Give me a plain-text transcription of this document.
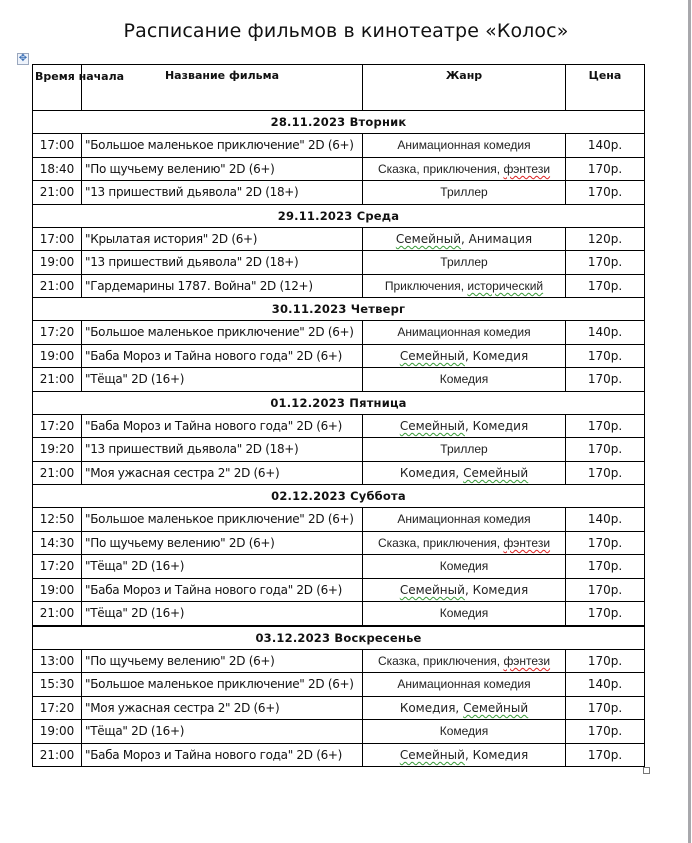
Расписание фильмов в кинотеатре «Колос»
✥
Время начала	Название фильма	Жанр	Цена
28.11.2023 Вторник			
17:00	"Большое маленькое приключение" 2D (6+)	Анимационная комедия	140р.
18:40	"По щучьему велению" 2D (6+)	Сказка, приключения, фэнтези	170р.
21:00	"13 пришествий дьявола" 2D (18+)	Триллер	170р.
29.11.2023 Среда			
17:00	"Крылатая история" 2D (6+)	Семейный, Анимация	120р.
19:00	"13 пришествий дьявола" 2D (18+)	Триллер	170р.
21:00	"Гардемарины 1787. Война" 2D (12+)	Приключения, исторический	170р.
30.11.2023 Четверг			
17:20	"Большое маленькое приключение" 2D (6+)	Анимационная комедия	140р.
19:00	"Баба Мороз и Тайна нового года" 2D (6+)	Семейный, Комедия	170р.
21:00	"Тёща" 2D (16+)	Комедия	170р.
01.12.2023 Пятница			
17:20	"Баба Мороз и Тайна нового года" 2D (6+)	Семейный, Комедия	170р.
19:20	"13 пришествий дьявола" 2D (18+)	Триллер	170р.
21:00	"Моя ужасная сестра 2" 2D (6+)	Комедия, Семейный	170р.
02.12.2023 Суббота			
12:50	"Большое маленькое приключение" 2D (6+)	Анимационная комедия	140р.
14:30	"По щучьему велению" 2D (6+)	Сказка, приключения, фэнтези	170р.
17:20	"Тёща" 2D (16+)	Комедия	170р.
19:00	"Баба Мороз и Тайна нового года" 2D (6+)	Семейный, Комедия	170р.
21:00	"Тёща" 2D (16+)	Комедия	170р.
03.12.2023 Воскресенье			
13:00	"По щучьему велению" 2D (6+)	Сказка, приключения, фэнтези	170р.
15:30	"Большое маленькое приключение" 2D (6+)	Анимационная комедия	140р.
17:20	"Моя ужасная сестра 2" 2D (6+)	Комедия, Семейный	170р.
19:00	"Тёща" 2D (16+)	Комедия	170р.
21:00	"Баба Мороз и Тайна нового года" 2D (6+)	Семейный, Комедия	170р.
